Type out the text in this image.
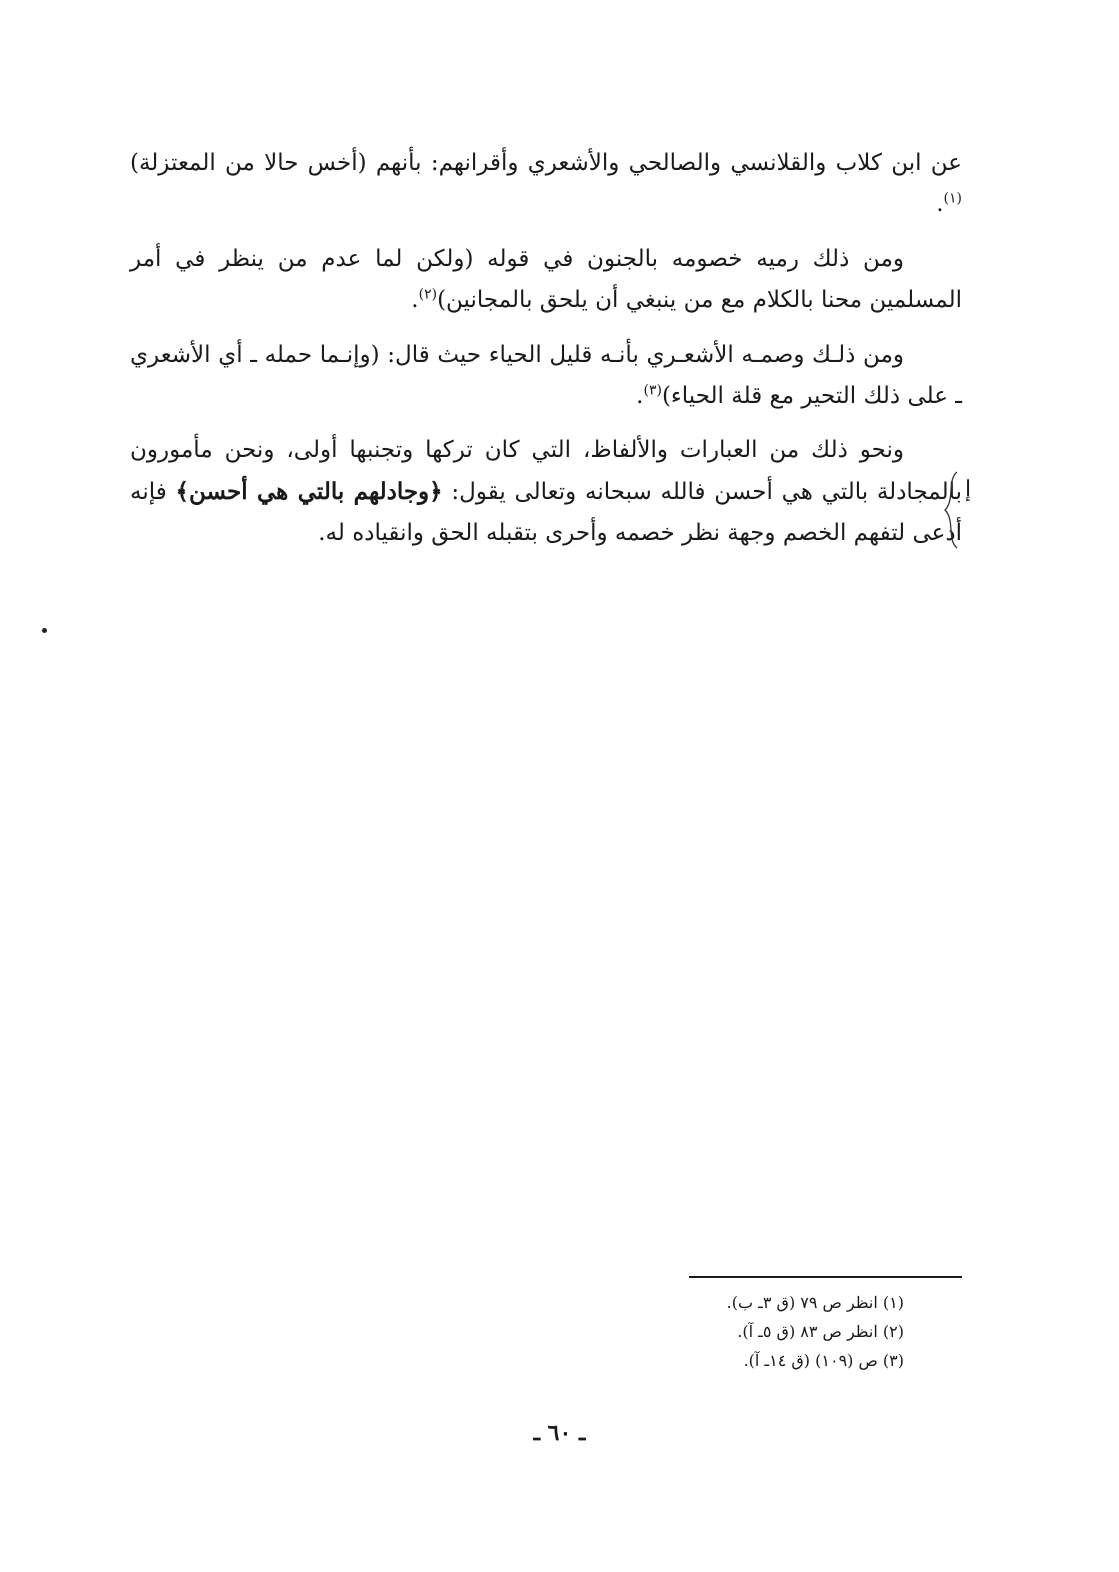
عن ابن كلاب والقلانسي والصالحي والأشعري وأقرانهم: بأنهم (أخس حالا من المعتزلة)$^{(١)}$.
ومن ذلك رميه خصومه بالجنون في قوله (ولكن لما عدم من ينظر في أمر المسلمين محنا بالكلام مع من ينبغي أن يلحق بالمجانين)$^{(٢)}$.
ومن ذلـك وصمـه الأشعـري بأنـه قليل الحياء حيث قال: (وإنـما حمله ـ أي الأشعري ـ على ذلك التحير مع قلة الحياء)$^{(٣)}$.
ونحو ذلك من العبارات والألفاظ، التي كان تركها وتجنبها أولى، ونحن مأمورون بالمجادلة بالتي هي أحسن فالله سبحانه وتعالى يقول: ﴿وجادلهم بالتي هي أحسن﴾ فإنه أدعى لتفهم الخصم وجهة نظر خصمه وأحرى بتقبله الحق وانقياده له.
إ
(١) انظر ص ٧٩ (ق ٣ـ ب).
(٢) انظر ص ٨٣ (ق ٥ـ آ).
(٣) ص (١٠٩) (ق ١٤ـ آ).
ـ ٦٠ ـ
